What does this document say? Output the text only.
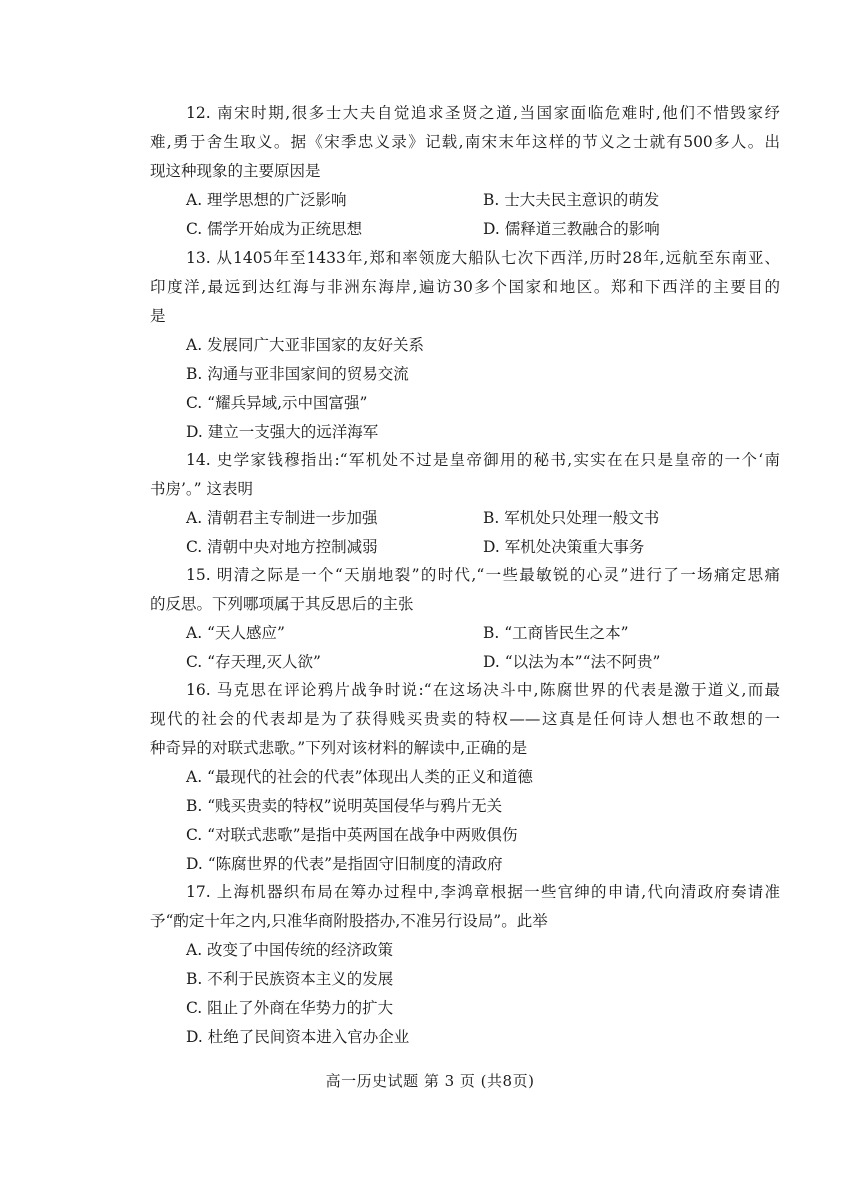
12. 南宋时期,很多士大夫自觉追求圣贤之道,当国家面临危难时,他们不惜毁家纾
难,勇于舍生取义。据《宋季忠义录》记载,南宋末年这样的节义之士就有500多人。出
现这种现象的主要原因是
A. 理学思想的广泛影响	B. 士大夫民主意识的萌发
C. 儒学开始成为正统思想	D. 儒释道三教融合的影响
13. 从1405年至1433年,郑和率领庞大船队七次下西洋,历时28年,远航至东南亚、
印度洋,最远到达红海与非洲东海岸,遍访30多个国家和地区。郑和下西洋的主要目的
是
A. 发展同广大亚非国家的友好关系
B. 沟通与亚非国家间的贸易交流
C. “耀兵异域,示中国富强”
D. 建立一支强大的远洋海军
14. 史学家钱穆指出:“军机处不过是皇帝御用的秘书,实实在在只是皇帝的一个‘南
书房’。” 这表明
A. 清朝君主专制进一步加强	B. 军机处只处理一般文书
C. 清朝中央对地方控制减弱	D. 军机处决策重大事务
15. 明清之际是一个“天崩地裂”的时代,“一些最敏锐的心灵”进行了一场痛定思痛
的反思。下列哪项属于其反思后的主张
A. “天人感应”	B. “工商皆民生之本”
C. “存天理,灭人欲”	D. “以法为本”“法不阿贵”
16. 马克思在评论鸦片战争时说:“在这场决斗中,陈腐世界的代表是激于道义,而最
现代的社会的代表却是为了获得贱买贵卖的特权——这真是任何诗人想也不敢想的一
种奇异的对联式悲歌。”下列对该材料的解读中,正确的是
A. “最现代的社会的代表”体现出人类的正义和道德
B. “贱买贵卖的特权”说明英国侵华与鸦片无关
C. “对联式悲歌”是指中英两国在战争中两败俱伤
D. “陈腐世界的代表”是指固守旧制度的清政府
17. 上海机器织布局在筹办过程中,李鸿章根据一些官绅的申请,代向清政府奏请准
予“酌定十年之内,只准华商附股搭办,不准另行设局”。此举
A. 改变了中国传统的经济政策
B. 不利于民族资本主义的发展
C. 阻止了外商在华势力的扩大
D. 杜绝了民间资本进入官办企业
高一历史试题 第 3 页 (共8页)
